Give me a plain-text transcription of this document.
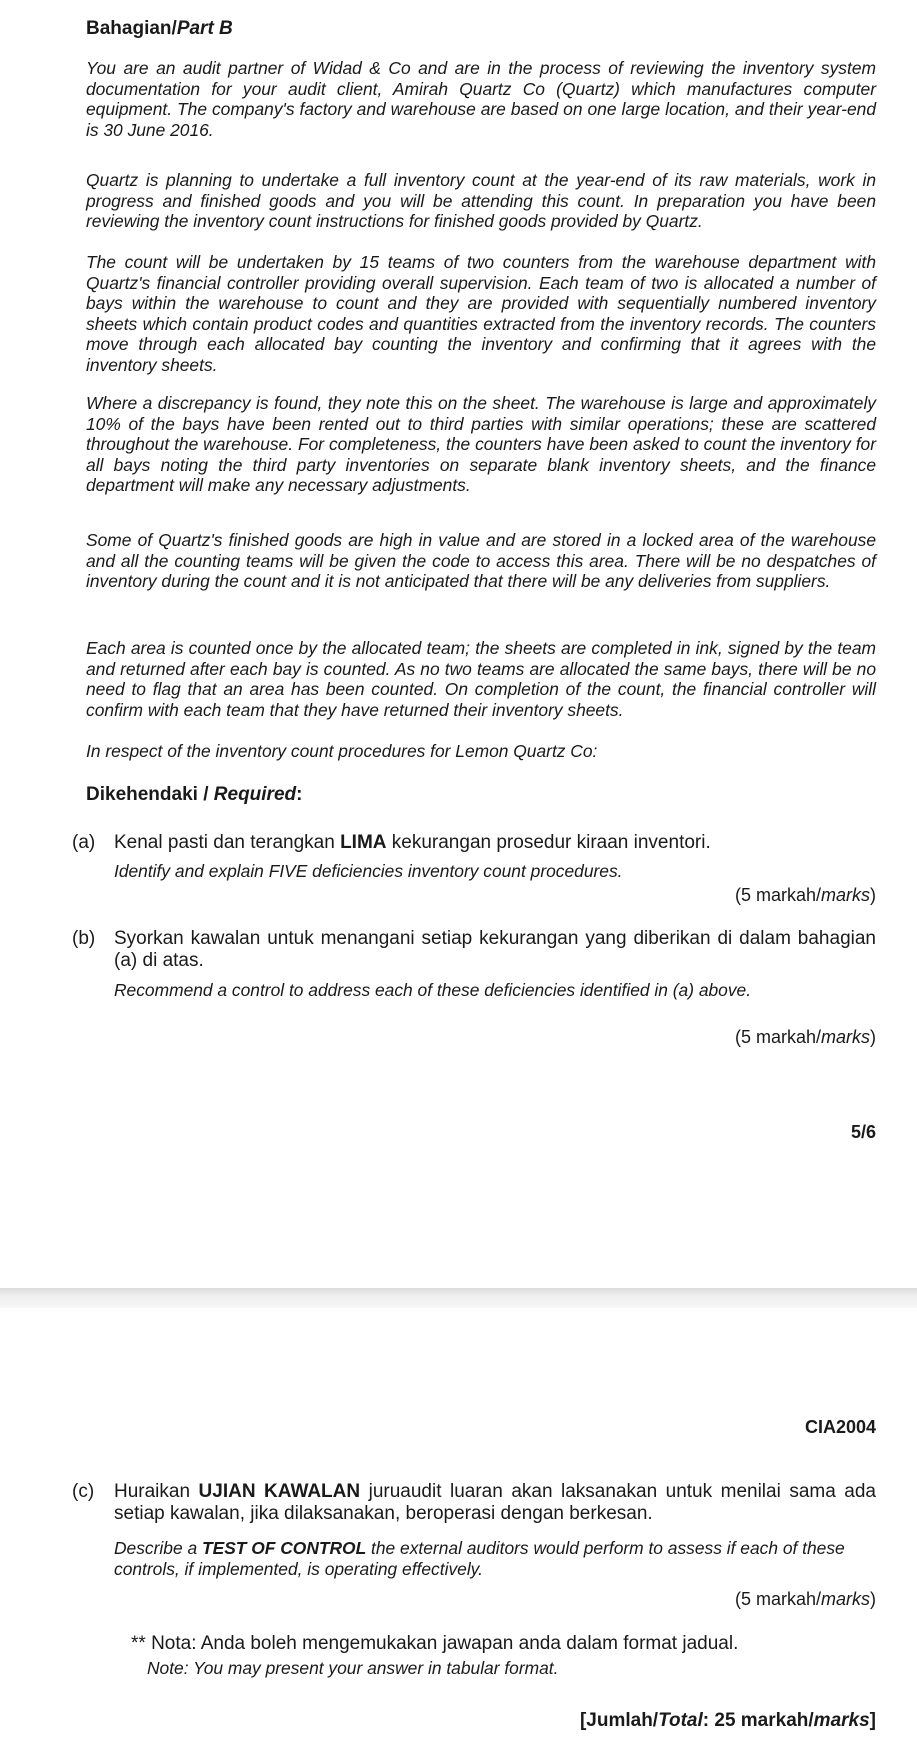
Bahagian/Part B

You are an audit partner of Widad & Co and are in the process of reviewing the inventory system documentation for your audit client, Amirah Quartz Co (Quartz) which manufactures computer equipment. The company's factory and warehouse are based on one large location, and their year-end is 30 June 2016.

Quartz is planning to undertake a full inventory count at the year-end of its raw materials, work in progress and finished goods and you will be attending this count. In preparation you have been reviewing the inventory count instructions for finished goods provided by Quartz.

The count will be undertaken by 15 teams of two counters from the warehouse department with Quartz's financial controller providing overall supervision. Each team of two is allocated a number of bays within the warehouse to count and they are provided with sequentially numbered inventory sheets which contain product codes and quantities extracted from the inventory records. The counters move through each allocated bay counting the inventory and confirming that it agrees with the inventory sheets.

Where a discrepancy is found, they note this on the sheet. The warehouse is large and approximately 10% of the bays have been rented out to third parties with similar operations; these are scattered throughout the warehouse. For completeness, the counters have been asked to count the inventory for all bays noting the third party inventories on separate blank inventory sheets, and the finance department will make any necessary adjustments.

Some of Quartz's finished goods are high in value and are stored in a locked area of the warehouse and all the counting teams will be given the code to access this area. There will be no despatches of inventory during the count and it is not anticipated that there will be any deliveries from suppliers.

Each area is counted once by the allocated team; the sheets are completed in ink, signed by the team and returned after each bay is counted. As no two teams are allocated the same bays, there will be no need to flag that an area has been counted. On completion of the count, the financial controller will confirm with each team that they have returned their inventory sheets.

In respect of the inventory count procedures for Lemon Quartz Co:

Dikehendaki / Required:
(a) Kenal pasti dan terangkan LIMA kekurangan prosedur kiraan inventori.

Identify and explain FIVE deficiencies inventory count procedures.

(5 markah/marks)
(b) Syorkan kawalan untuk menangani setiap kekurangan yang diberikan di dalam bahagian (a) di atas.

Recommend a control to address each of these deficiencies identified in (a) above.

(5 markah/marks)
5/6
CIA2004
(c) Huraikan UJIAN KAWALAN juruaudit luaran akan laksanakan untuk menilai sama ada setiap kawalan, jika dilaksanakan, beroperasi dengan berkesan.

Describe a TEST OF CONTROL the external auditors would perform to assess if each of these controls, if implemented, is operating effectively.

(5 markah/marks)
** Nota: Anda boleh mengemukakan jawapan anda dalam format jadual.
Note: You may present your answer in tabular format.
[Jumlah/Total: 25 markah/marks]
